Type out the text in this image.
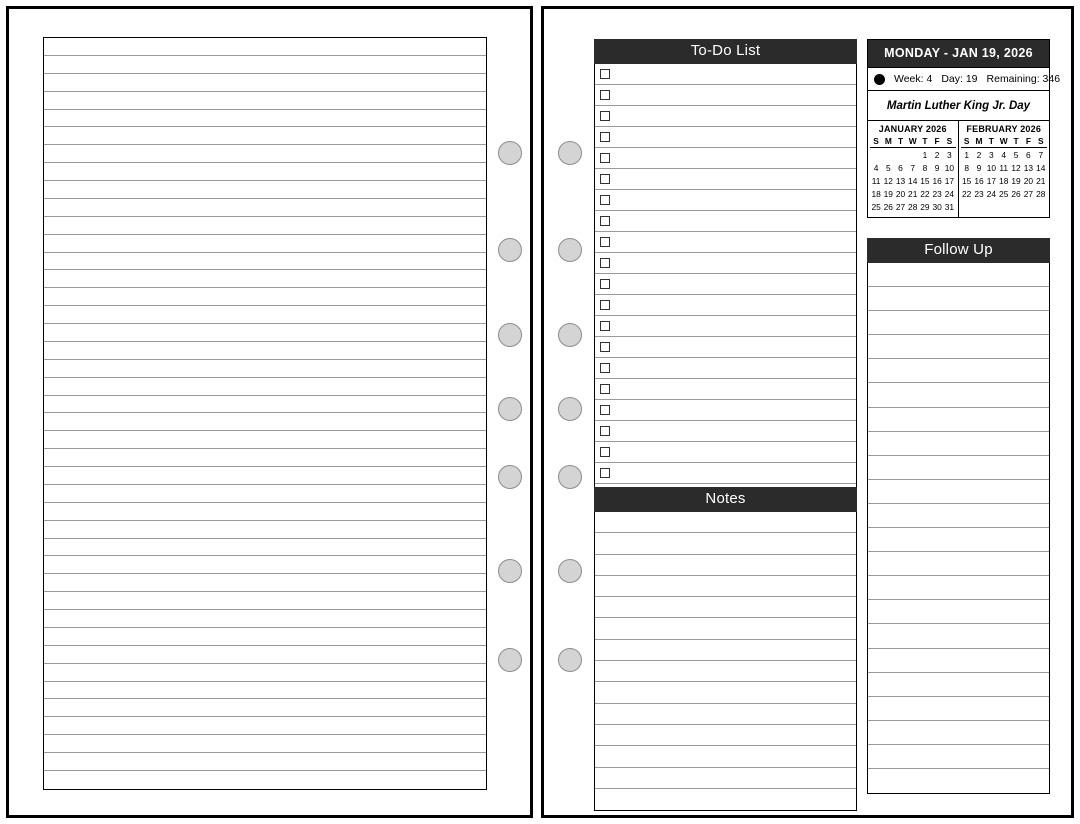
To-Do List
Notes
MONDAY - JAN 19, 2026
Week: 4 Day: 19 Remaining: 346
Martin Luther King Jr. Day
JANUARY 2026
S	M	T	W	T	F	S
				1	2	3
4	5	6	7	8	9	10
11	12	13	14	15	16	17
18	19	20	21	22	23	24
25	26	27	28	29	30	31
FEBRUARY 2026
S	M	T	W	T	F	S
1	2	3	4	5	6	7
8	9	10	11	12	13	14
15	16	17	18	19	20	21
22	23	24	25	26	27	28

Follow Up
